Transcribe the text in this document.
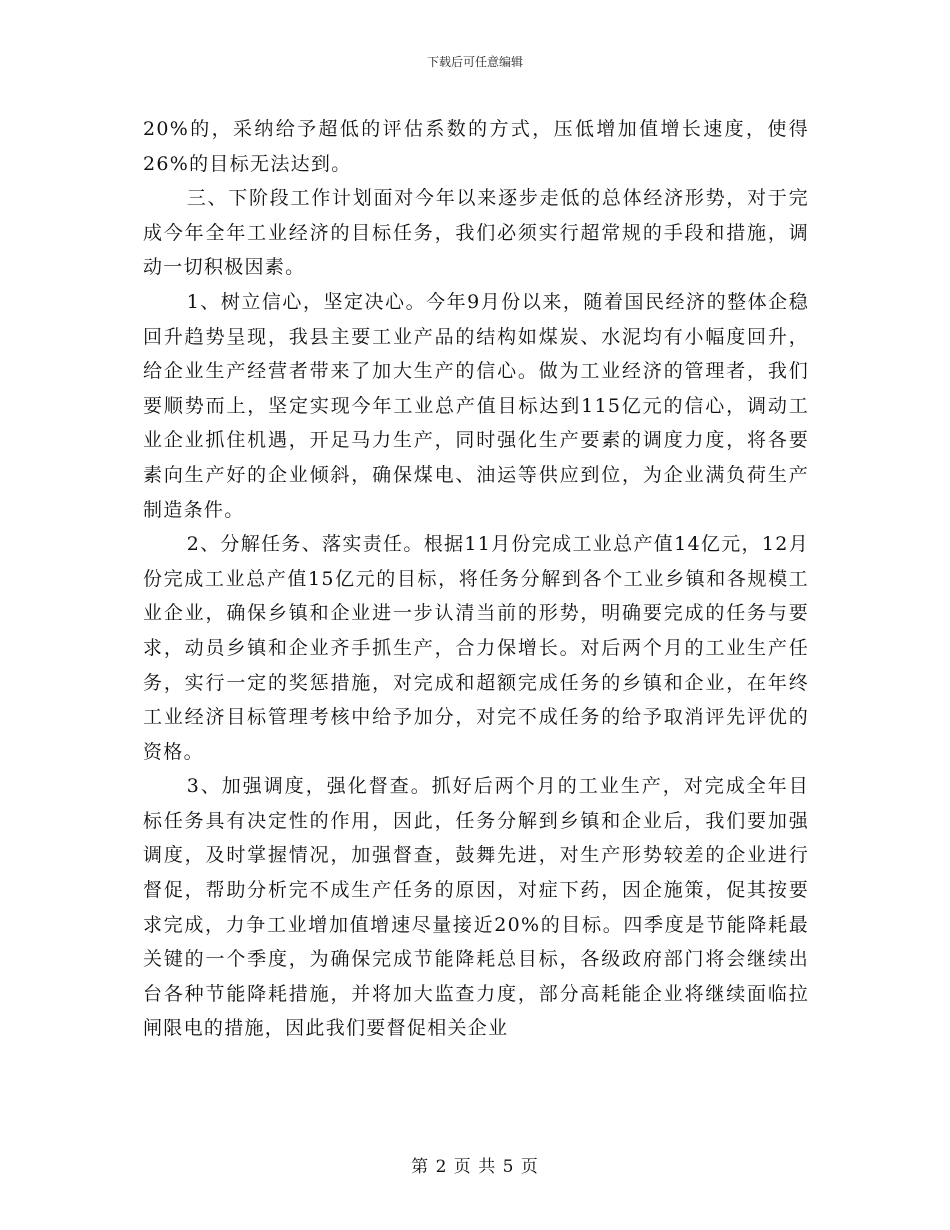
下载后可任意编辑

20%的，采纳给予超低的评估系数的方式，压低增加值增长速度，使得26%的目标无法达到。

三、下阶段工作计划面对今年以来逐步走低的总体经济形势，对于完成今年全年工业经济的目标任务，我们必须实行超常规的手段和措施，调动一切积极因素。

1、树立信心，坚定决心。今年9月份以来，随着国民经济的整体企稳回升趋势呈现，我县主要工业产品的结构如煤炭、水泥均有小幅度回升，给企业生产经营者带来了加大生产的信心。做为工业经济的管理者，我们要顺势而上，坚定实现今年工业总产值目标达到115亿元的信心，调动工业企业抓住机遇，开足马力生产，同时强化生产要素的调度力度，将各要素向生产好的企业倾斜，确保煤电、油运等供应到位，为企业满负荷生产制造条件。

2、分解任务、落实责任。根据11月份完成工业总产值14亿元，12月份完成工业总产值15亿元的目标，将任务分解到各个工业乡镇和各规模工业企业，确保乡镇和企业进一步认清当前的形势，明确要完成的任务与要求，动员乡镇和企业齐手抓生产，合力保增长。对后两个月的工业生产任务，实行一定的奖惩措施，对完成和超额完成任务的乡镇和企业，在年终工业经济目标管理考核中给予加分，对完不成任务的给予取消评先评优的资格。

3、加强调度，强化督查。抓好后两个月的工业生产，对完成全年目标任务具有决定性的作用，因此，任务分解到乡镇和企业后，我们要加强调度，及时掌握情况，加强督查，鼓舞先进，对生产形势较差的企业进行督促，帮助分析完不成生产任务的原因，对症下药，因企施策，促其按要求完成，力争工业增加值增速尽量接近20%的目标。四季度是节能降耗最关键的一个季度，为确保完成节能降耗总目标，各级政府部门将会继续出台各种节能降耗措施，并将加大监查力度，部分高耗能企业将继续面临拉闸限电的措施，因此我们要督促相关企业

第 2 页 共 5 页
